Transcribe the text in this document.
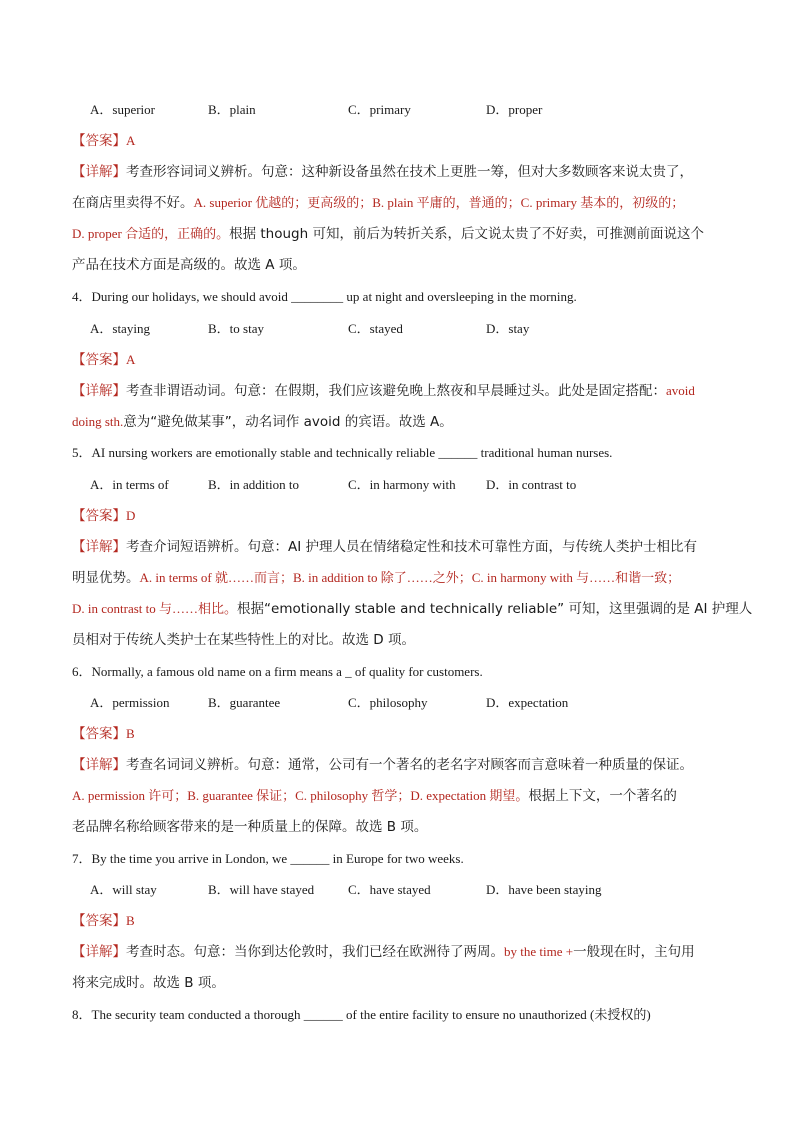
A．superior	B．plain	C．primary	D．proper
【答案】A
【详解】考查形容词词义辨析。句意：这种新设备虽然在技术上更胜一筹，但对大多数顾客来说太贵了，
在商店里卖得不好。A. superior 优越的；更高级的；B. plain 平庸的，普通的；C. primary 基本的，初级的；
D. proper 合适的，正确的。根据 though 可知，前后为转折关系，后文说太贵了不好卖，可推测前面说这个
产品在技术方面是高级的。故选 A 项。
4．During our holidays, we should avoid ________ up at night and oversleeping in the morning.
A．staying	B．to stay	C．stayed	D．stay
【答案】A
【详解】考查非谓语动词。句意：在假期，我们应该避免晚上熬夜和早晨睡过头。此处是固定搭配：avoid
doing sth.意为“避免做某事”，动名词作 avoid 的宾语。故选 A。
5．AI nursing workers are emotionally stable and technically reliable ______ traditional human nurses.
A．in terms of	B．in addition to	C．in harmony with D．in contrast to
【答案】D
【详解】考查介词短语辨析。句意：AI 护理人员在情绪稳定性和技术可靠性方面，与传统人类护士相比有
明显优势。A. in terms of 就……而言；B. in addition to 除了……之外；C. in harmony with 与……和谐一致；
D. in contrast to 与……相比。根据“emotionally stable and technically reliable” 可知，这里强调的是 AI 护理人
员相对于传统人类护士在某些特性上的对比。故选 D 项。
6．Normally, a famous old name on a firm means a _ of quality for customers.
A．permission	B．guarantee	C．philosophy	D．expectation
【答案】B
【详解】考查名词词义辨析。句意：通常，公司有一个著名的老名字对顾客而言意味着一种质量的保证。
A. permission 许可；B. guarantee 保证；C. philosophy 哲学；D. expectation 期望。根据上下文，一个著名的
老品牌名称给顾客带来的是一种质量上的保障。故选 B 项。
7．By the time you arrive in London, we ______ in Europe for two weeks.
A．will stay	B．will have stayed	C．have stayed	D．have been staying
【答案】B
【详解】考查时态。句意：当你到达伦敦时，我们已经在欧洲待了两周。by the time +一般现在时，主句用
将来完成时。故选 B 项。
8．The security team conducted a thorough ______ of the entire facility to ensure no unauthorized (未授权的)
